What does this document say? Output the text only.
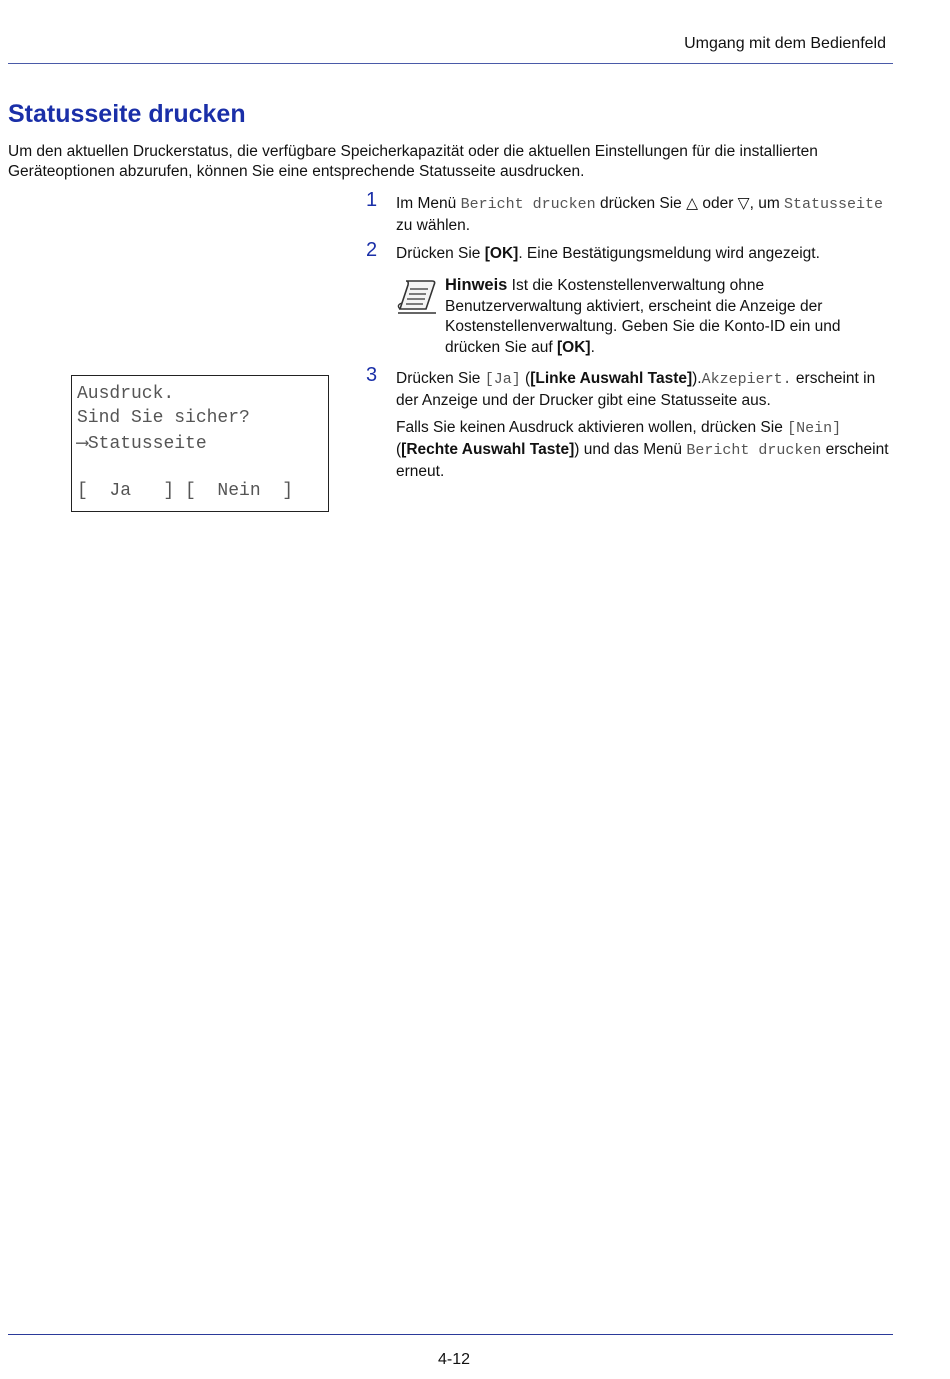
Umgang mit dem Bedienfeld
Statusseite drucken

Um den aktuellen Druckerstatus, die verfügbare Speicherkapazität oder die aktuellen Einstellungen für die installierten Geräteoptionen abzurufen, können Sie eine entsprechende Statusseite ausdrucken.

1 Im Menü Bericht drucken drücken Sie △ oder ▽, um Statusseite zu wählen.
2 Drücken Sie [OK]. Eine Bestätigungsmeldung wird angezeigt.
Hinweis Ist die Kostenstellenverwaltung ohne Benutzerverwaltung aktiviert, erscheint die Anzeige der Kostenstellenverwaltung. Geben Sie die Konto-ID ein und drücken Sie auf [OK].
3 Drücken Sie [Ja] ([Linke Auswahl Taste]).Akzepiert. erscheint in der Anzeige und der Drucker gibt eine Statusseite aus.

Falls Sie keinen Ausdruck aktivieren wollen, drücken Sie [Nein] ([Rechte Auswahl Taste]) und das Menü Bericht drucken erscheint erneut.

Ausdruck.
Sind Sie sicher?
⟶Statusseite
[  Ja   ] [  Nein  ]
4-12
